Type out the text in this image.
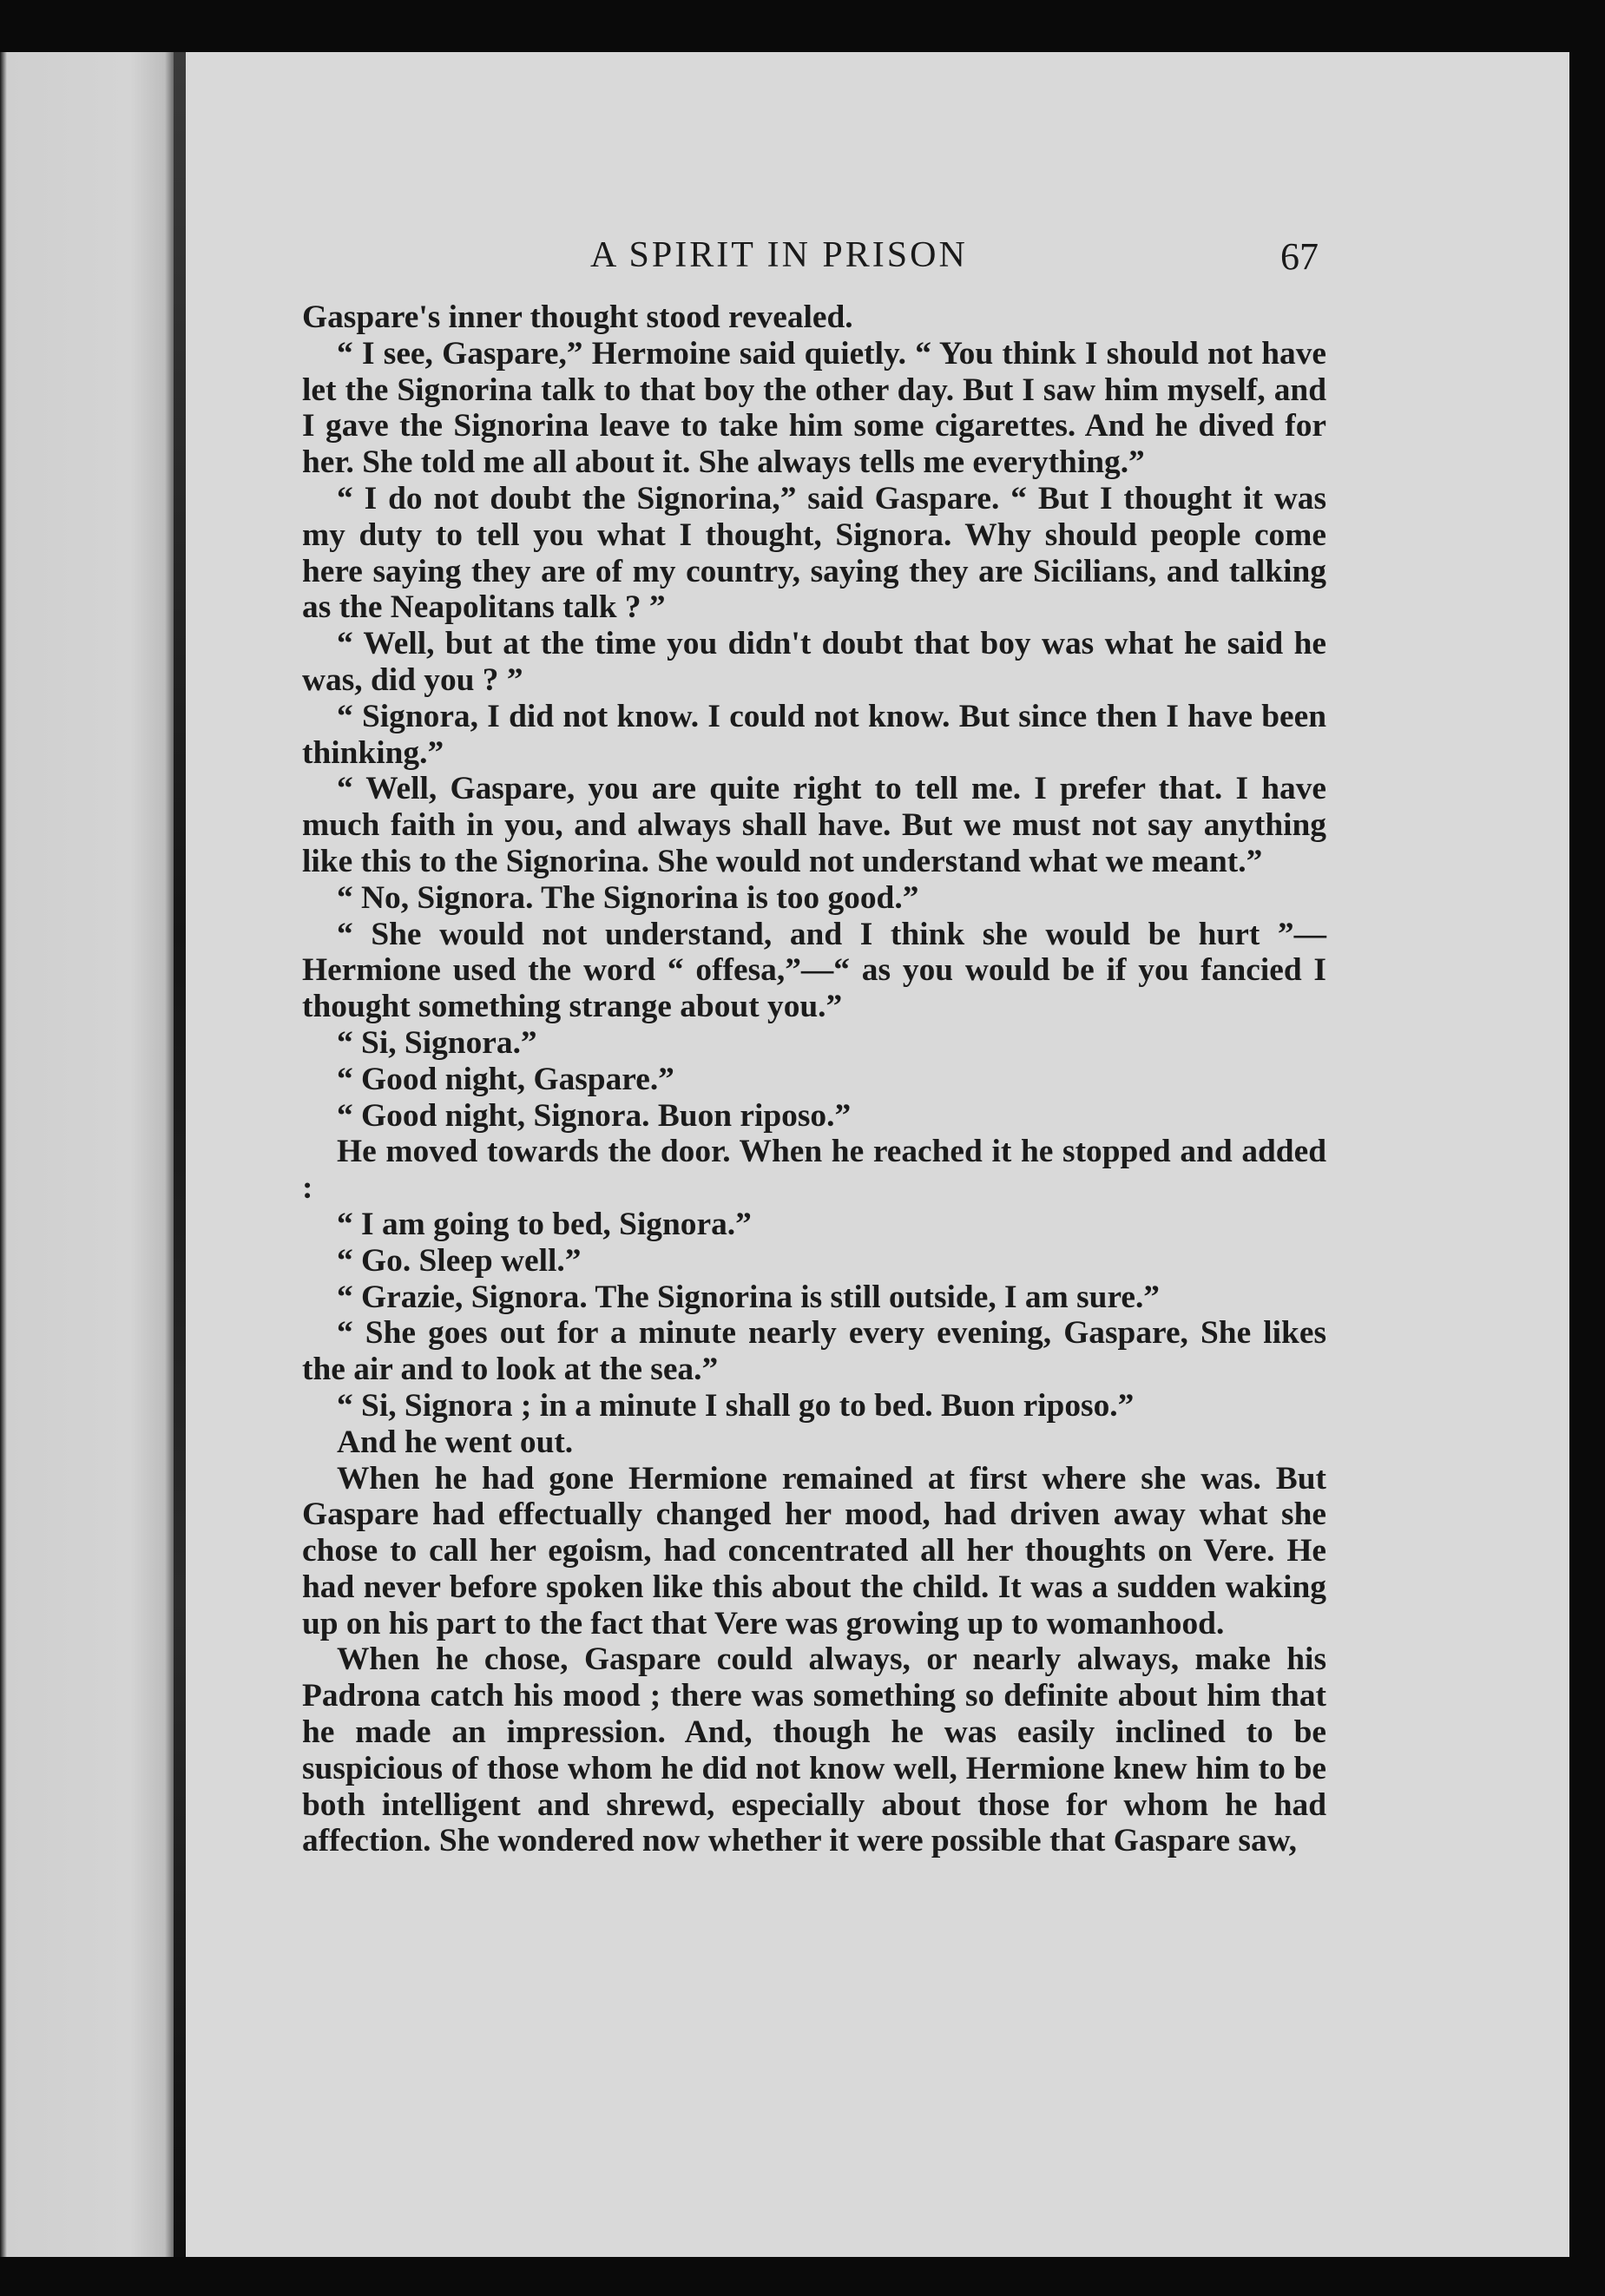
A SPIRIT IN PRISON	67

Gaspare's inner thought stood revealed.

“ I see, Gaspare,” Hermoine said quietly. “ You think I should not have let the Signorina talk to that boy the other day. But I saw him myself, and I gave the Signorina leave to take him some cigarettes. And he dived for her. She told me all about it. She always tells me everything.”

“ I do not doubt the Signorina,” said Gaspare. “ But I thought it was my duty to tell you what I thought, Signora. Why should people come here saying they are of my country, saying they are Sicilians, and talking as the Neapolitans talk ? ”

“ Well, but at the time you didn't doubt that boy was what he said he was, did you ? ”

“ Signora, I did not know. I could not know. But since then I have been thinking.”

“ Well, Gaspare, you are quite right to tell me. I prefer that. I have much faith in you, and always shall have. But we must not say anything like this to the Signorina. She would not understand what we meant.”

“ No, Signora. The Signorina is too good.”

“ She would not understand, and I think she would be hurt ”—Hermione used the word “ offesa,”—“ as you would be if you fancied I thought something strange about you.”

“ Si, Signora.”

“ Good night, Gaspare.”

“ Good night, Signora. Buon riposo.”

He moved towards the door. When he reached it he stopped and added :

“ I am going to bed, Signora.”

“ Go. Sleep well.”

“ Grazie, Signora. The Signorina is still outside, I am sure.”

“ She goes out for a minute nearly every evening, Gaspare, She likes the air and to look at the sea.”

“ Si, Signora ; in a minute I shall go to bed. Buon riposo.”

And he went out.

When he had gone Hermione remained at first where she was. But Gaspare had effectually changed her mood, had driven away what she chose to call her egoism, had concentrated all her thoughts on Vere. He had never before spoken like this about the child. It was a sudden waking up on his part to the fact that Vere was growing up to womanhood.

When he chose, Gaspare could always, or nearly always, make his Padrona catch his mood ; there was something so definite about him that he made an impression. And, though he was easily inclined to be suspicious of those whom he did not know well, Hermione knew him to be both intelligent and shrewd, especially about those for whom he had affection. She wondered now whether it were possible that Gaspare saw,
